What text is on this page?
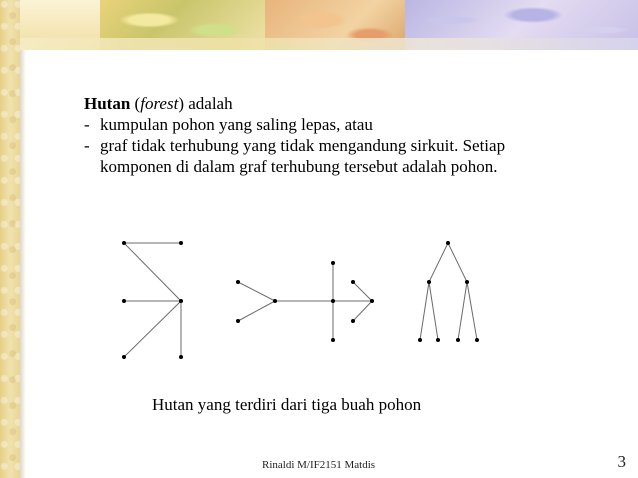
Hutan (forest) adalah
- kumpulan pohon yang saling lepas, atau
- graf tidak terhubung yang tidak mengandung sirkuit. Setiap
komponen di dalam graf terhubung tersebut adalah pohon.
Hutan yang terdiri dari tiga buah pohon
Rinaldi M/IF2151 Matdis	3
